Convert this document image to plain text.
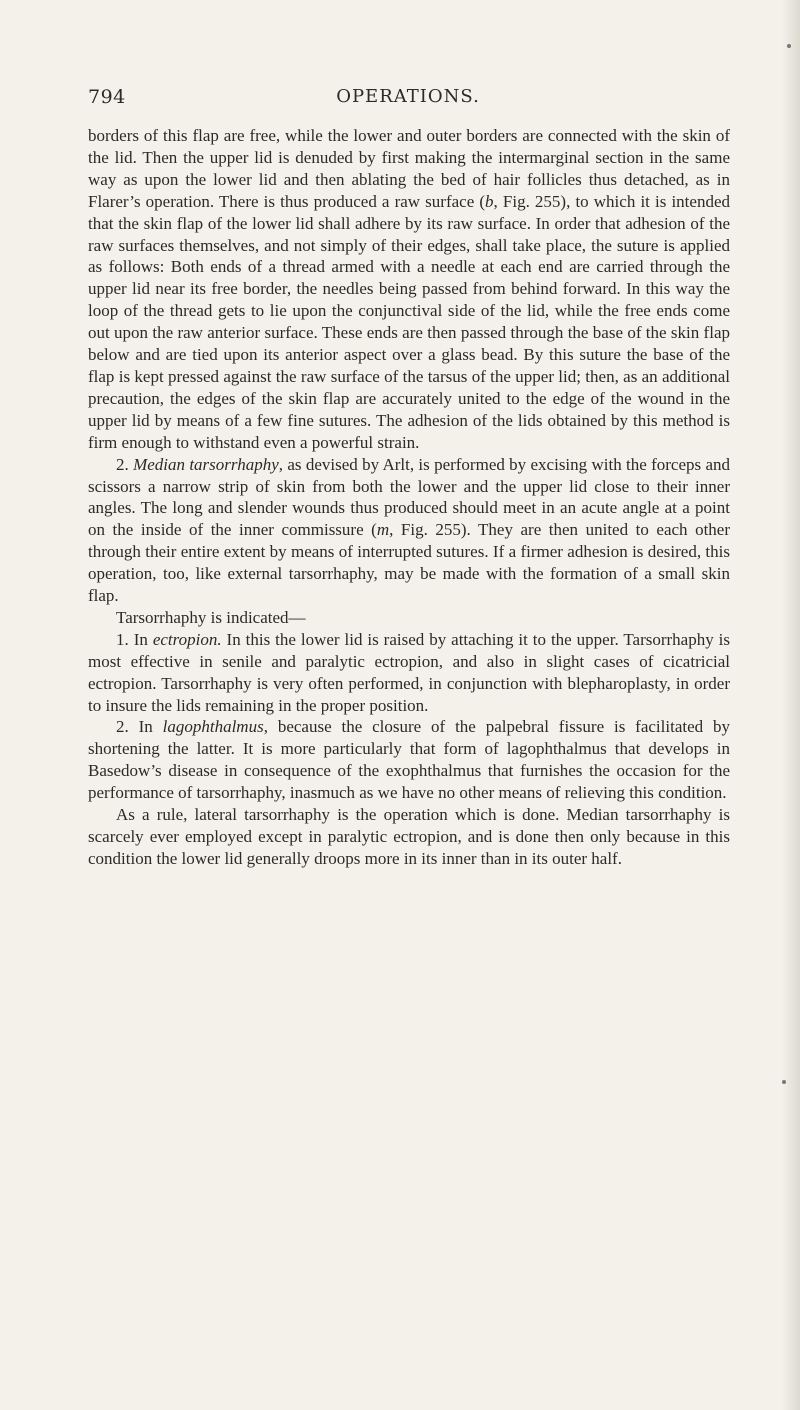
794	OPERATIONS.

borders of this flap are free, while the lower and outer borders are connected with the skin of the lid. Then the upper lid is denuded by first making the intermarginal section in the same way as upon the lower lid and then ablating the bed of hair follicles thus detached, as in Flarer’s operation. There is thus produced a raw surface (b, Fig. 255), to which it is intended that the skin flap of the lower lid shall adhere by its raw surface. In order that adhesion of the raw surfaces themselves, and not simply of their edges, shall take place, the suture is applied as follows: Both ends of a thread armed with a needle at each end are carried through the upper lid near its free border, the needles being passed from behind forward. In this way the loop of the thread gets to lie upon the conjunctival side of the lid, while the free ends come out upon the raw anterior surface. These ends are then passed through the base of the skin flap below and are tied upon its anterior aspect over a glass bead. By this suture the base of the flap is kept pressed against the raw surface of the tarsus of the upper lid; then, as an additional precaution, the edges of the skin flap are accurately united to the edge of the wound in the upper lid by means of a few fine sutures. The adhesion of the lids obtained by this method is firm enough to withstand even a powerful strain.

2. Median tarsorrhaphy, as devised by Arlt, is performed by excising with the forceps and scissors a narrow strip of skin from both the lower and the upper lid close to their inner angles. The long and slender wounds thus produced should meet in an acute angle at a point on the inside of the inner commissure (m, Fig. 255). They are then united to each other through their entire extent by means of interrupted sutures. If a firmer adhesion is desired, this operation, too, like external tarsorrhaphy, may be made with the formation of a small skin flap.

Tarsorrhaphy is indicated—

1. In ectropion. In this the lower lid is raised by attaching it to the upper. Tarsorrhaphy is most effective in senile and paralytic ectropion, and also in slight cases of cicatricial ectropion. Tarsorrhaphy is very often performed, in conjunction with blepharoplasty, in order to insure the lids remaining in the proper position.

2. In lagophthalmus, because the closure of the palpebral fissure is facilitated by shortening the latter. It is more particularly that form of lagophthalmus that develops in Basedow’s disease in consequence of the exophthalmus that furnishes the occasion for the performance of tarsorrhaphy, inasmuch as we have no other means of relieving this condition.

As a rule, lateral tarsorrhaphy is the operation which is done. Median tarsorrhaphy is scarcely ever employed except in paralytic ectropion, and is done then only because in this condition the lower lid generally droops more in its inner than in its outer half.
